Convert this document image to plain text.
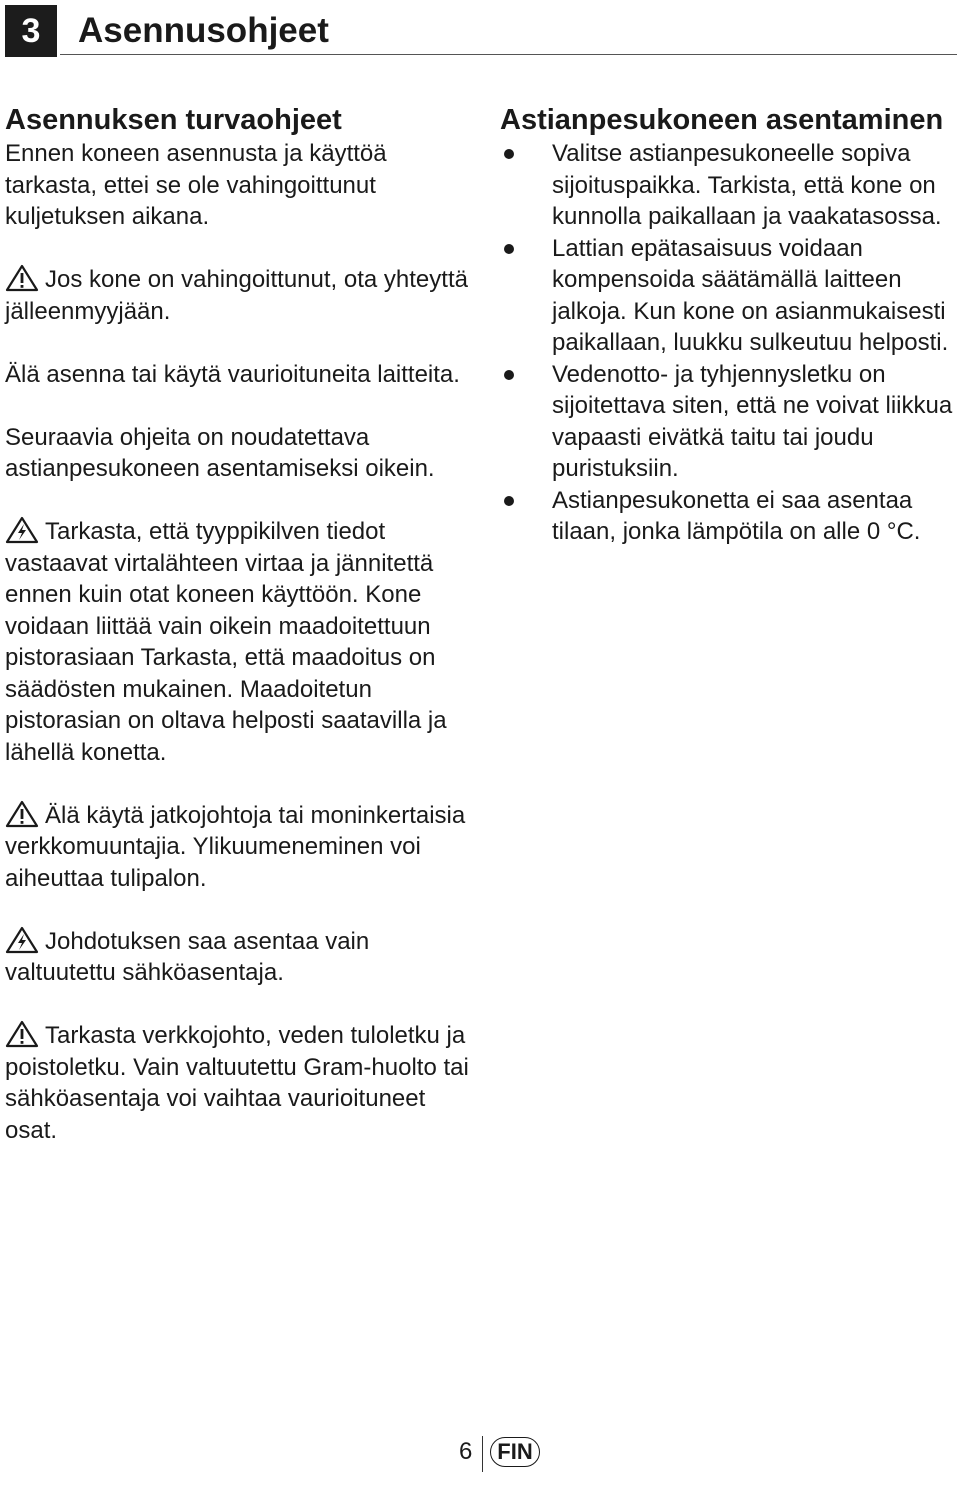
3	Asennusohjeet
Asennuksen turvaohjeet

Ennen koneen asennusta ja käyttöä tarkasta, ettei se ole vahingoittunut kuljetuksen aikana.

Jos kone on vahingoittunut, ota yhteyttä jälleenmyyjään.

Älä asenna tai käytä vaurioituneita laitteita.

Seuraavia ohjeita on noudatettava astianpesukoneen asentamiseksi oikein.

Tarkasta, että tyyppikilven tiedot vastaavat virtalähteen virtaa ja jännitettä ennen kuin otat koneen käyttöön. Kone voidaan liittää vain oikein maadoitettuun pistorasiaan Tarkasta, että maadoitus on säädösten mukainen. Maadoitetun pistorasian on oltava helposti saatavilla ja lähellä konetta.

Älä käytä jatkojohtoja tai moninkertaisia verkkomuuntajia. Ylikuumeneminen voi aiheuttaa tulipalon.

Johdotuksen saa asentaa vain valtuutettu sähköasentaja.

Tarkasta verkkojohto, veden tuloletku ja poistoletku. Vain valtuutettu Gram-huolto tai sähköasentaja voi vaihtaa vaurioituneet osat.

Astianpesukoneen asentaminen
Valitse astianpesukoneelle sopiva sijoituspaikka. Tarkista, että kone on kunnolla paikallaan ja vaakatasossa.
Lattian epätasaisuus voidaan kompensoida säätämällä laitteen jalkoja. Kun kone on asianmukaisesti paikallaan, luukku sulkeutuu helposti.
Vedenotto- ja tyhjennysletku on sijoitettava siten, että ne voivat liikkua vapaasti eivätkä taitu tai joudu puristuksiin.
Astianpesukonetta ei saa asentaa tilaan, jonka lämpötila on alle 0 °C.
6	FIN
